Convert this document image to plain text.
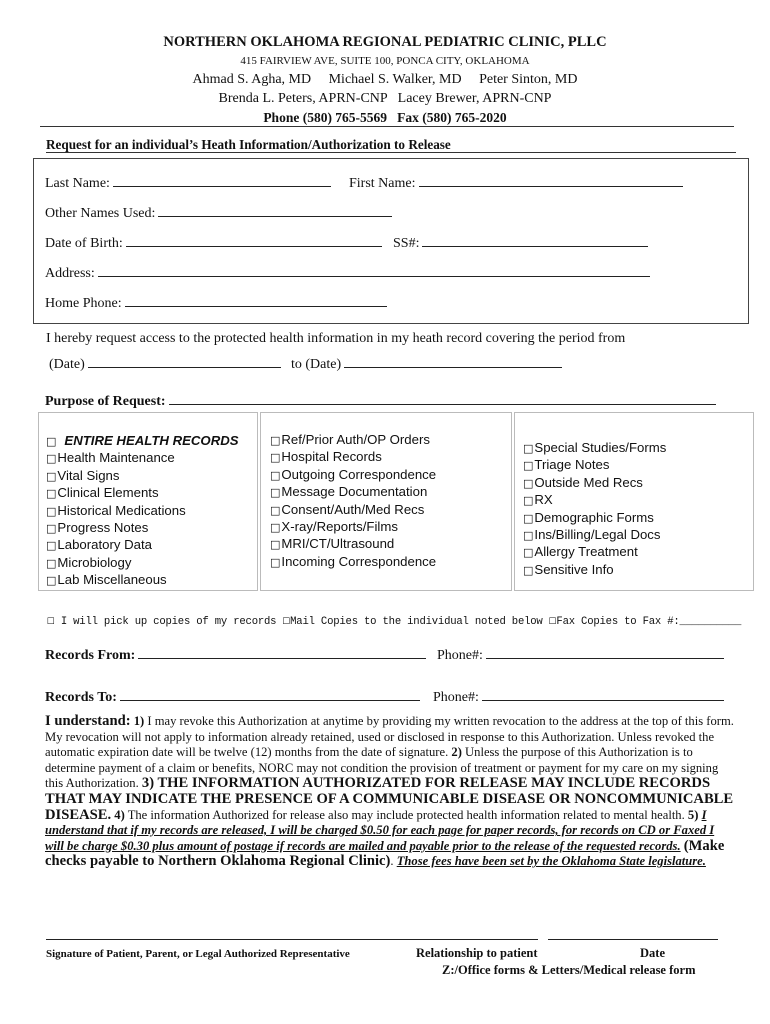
NORTHERN OKLAHOMA REGIONAL PEDIATRIC CLINIC, PLLC
415 FAIRVIEW AVE, SUITE 100, PONCA CITY, OKLAHOMA
Ahmad S. Agha, MD     Michael S. Walker, MD     Peter Sinton, MD
Brenda L. Peters, APRN-CNP   Lacey Brewer, APRN-CNP
Phone (580) 765-5569   Fax (580) 765-2020
Request for an individual’s Heath Information/Authorization to Release
Last Name:	First Name:
Other Names Used:
Date of Birth:	SS#:
Address:
Home Phone:
I hereby request access to the protected health information in my heath record covering the period from
(Date)	to (Date)
Purpose of Request:
□ ENTIRE HEALTH RECORDS
□ Health Maintenance
□ Vital Signs
□ Clinical Elements
□ Historical Medications
□ Progress Notes
□ Laboratory Data
□ Microbiology
□ Lab Miscellaneous
□ Ref/Prior Auth/OP Orders
□ Hospital Records
□ Outgoing Correspondence
□ Message Documentation
□ Consent/Auth/Med Recs
□ X-ray/Reports/Films
□ MRI/CT/Ultrasound
□ Incoming Correspondence
□ Special Studies/Forms
□ Triage Notes
□ Outside Med Recs
□ RX
□ Demographic Forms
□ Ins/Billing/Legal Docs
□ Allergy Treatment
□ Sensitive Info
☐ I will pick up copies of my records ☐Mail Copies to the individual noted below ☐Fax Copies to Fax #:__________
Records From:	Phone#:
Records To:	Phone#:
I understand: 1) I may revoke this Authorization at anytime by providing my written revocation to the address at the top of this form. My revocation will not apply to information already retained, used or disclosed in response to this Authorization. Unless revoked the automatic expiration date will be twelve (12) months from the date of signature. 2) Unless the purpose of this Authorization is to determine payment of a claim or benefits, NORC may not condition the provision of treatment or payment for my care on my signing this Authorization. 3) THE INFORMATION AUTHORIZATED FOR RELEASE MAY INCLUDE RECORDS THAT MAY INDICATE THE PRESENCE OF A COMMUNICABLE DISEASE OR NONCOMMUNICABLE DISEASE. 4) The information Authorized for release also may include protected health information related to mental health. 5) I understand that if my records are released, I will be charged $0.50 for each page for paper records, for records on CD or Faxed I will be charge $0.30 plus amount of postage if records are mailed and payable prior to the release of the requested records. (Make checks payable to Northern Oklahoma Regional Clinic). Those fees have been set by the Oklahoma State legislature.
Signature of Patient, Parent, or Legal Authorized Representative	Relationship to patient	Date
Z:/Office forms & Letters/Medical release form
